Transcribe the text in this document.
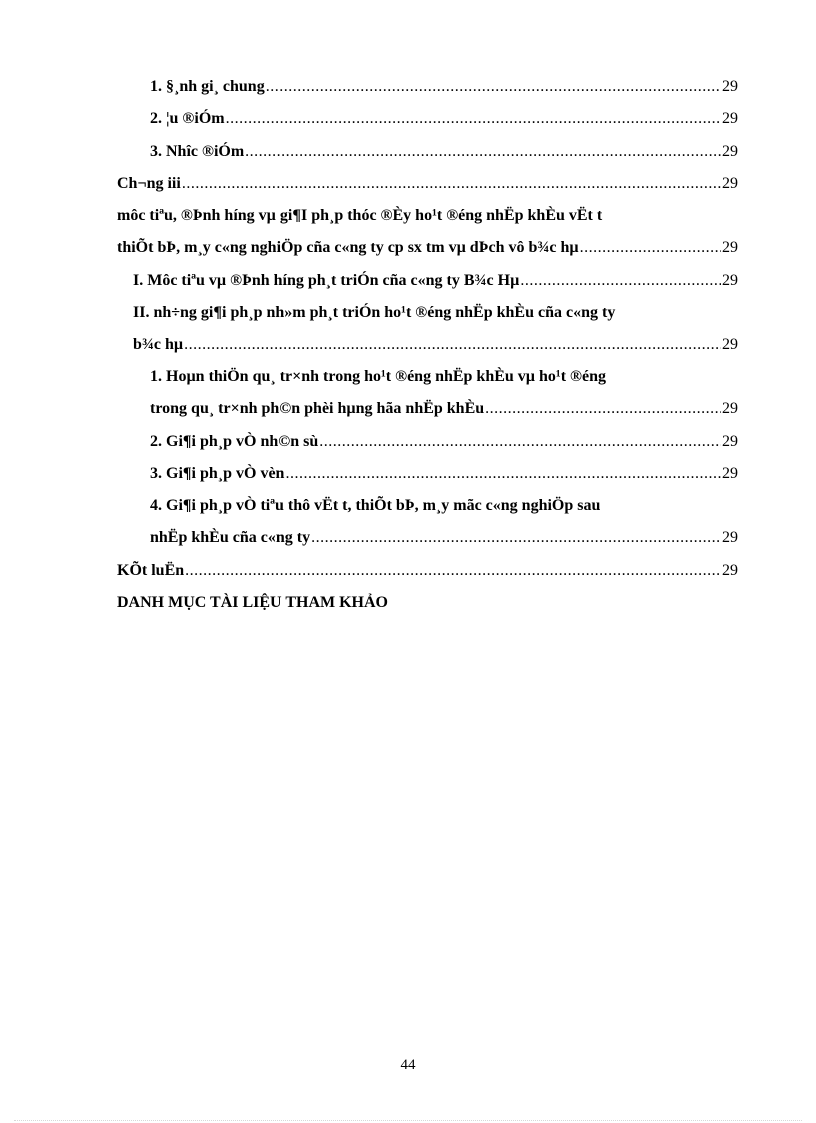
1. §¸nh gi¸ chung .....	29
2. ¦u ®iÓm .....	29
3. Nhîc ®iÓm .....	29
Ch¬ng iii .....	29
môc tiªu, ®Þnh híng vµ gi¶I ph¸p thóc ®Èy ho¹t ®éng nhËp khÈu vËt t
thiÕt bÞ, m¸y c«ng nghiÖp cña c«ng ty cp sx tm vµ dÞch vô b¾c hµ .....	29
I. Môc tiªu vµ ®Þnh híng ph¸t triÓn cña c«ng ty B¾c Hµ .....	29
II. nh÷ng gi¶i ph¸p nh»m ph¸t triÓn ho¹t ®éng nhËp khÈu cña c«ng ty
b¾c hµ .....	29
1. Hoµn thiÖn qu¸ tr×nh trong ho¹t ®éng nhËp khÈu vµ ho¹t ®éng
trong qu¸ tr×nh ph©n phèi hµng hãa nhËp khÈu .....	29
2. Gi¶i ph¸p vÒ nh©n sù .....	29
3. Gi¶i ph¸p vÒ vèn .....	29
4. Gi¶i ph¸p vÒ tiªu thô vËt t, thiÕt bÞ, m¸y mãc c«ng nghiÖp sau
nhËp khÈu cña c«ng ty .....	29
KÕt luËn .....	29
DANH MỤC TÀI LIỆU THAM KHẢO
44
